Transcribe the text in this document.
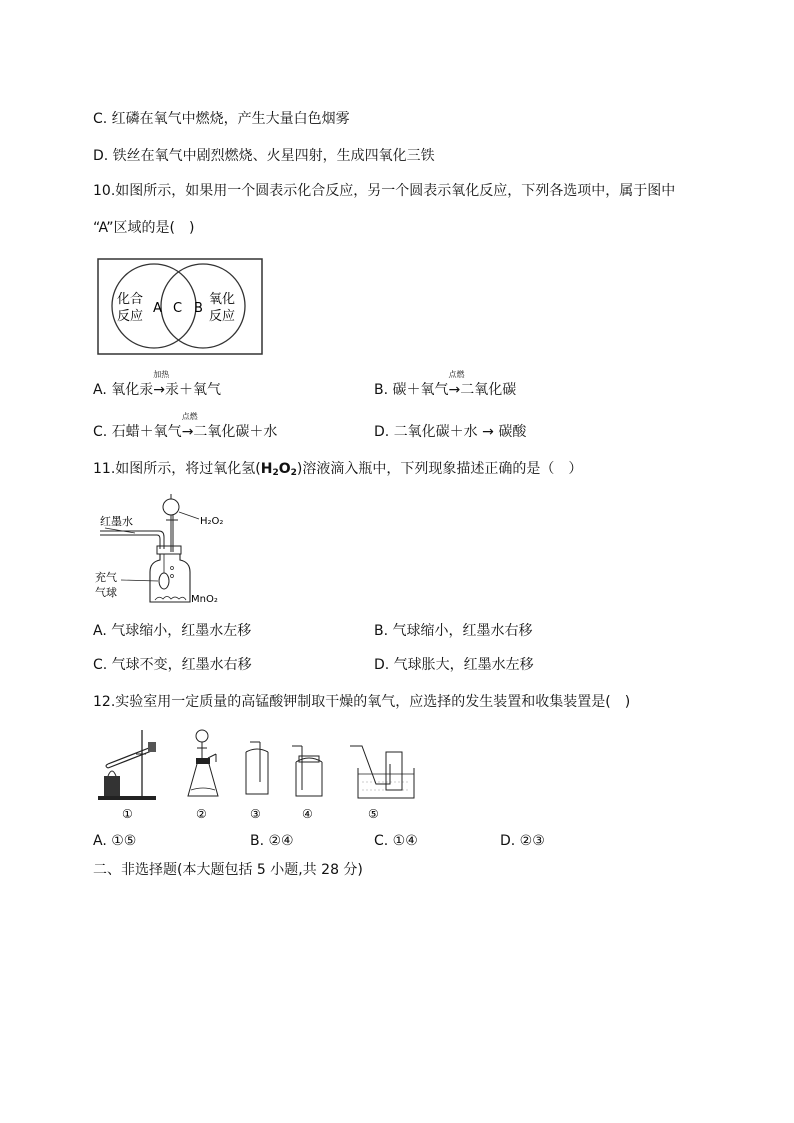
C. 红磷在氧气中燃烧，产生大量白色烟雾
D. 铁丝在氧气中剧烈燃烧、火星四射，生成四氧化三铁
10.如图所示，如果用一个圆表示化合反应，另一个圆表示氧化反应，下列各选项中，属于图中
“A”区域的是(　)
化合
反应
A C B
氧化
反应
A. 氧化汞
加热
→汞＋氧气	B. 碳＋氧气
点燃
→二氧化碳
C. 石蜡＋氧气
点燃
→二氧化碳＋水	D. 二氧化碳＋水 → 碳酸
11.如图所示，将过氧化氢$(H_2O_2)$溶液滴入瓶中，下列现象描述正确的是（　）
H₂O₂
红墨水
充气
气球
MnO₂
A. 气球缩小，红墨水左移	B. 气球缩小，红墨水右移
C. 气球不变，红墨水右移	D. 气球胀大，红墨水左移
12.实验室用一定质量的高锰酸钾制取干燥的氧气，应选择的发生装置和收集装置是(　)
①	②	③	④	⑤
A. ①⑤	B. ②④	C. ①④	D. ②③
二、非选择题(本大题包括 5 小题,共 28 分)
